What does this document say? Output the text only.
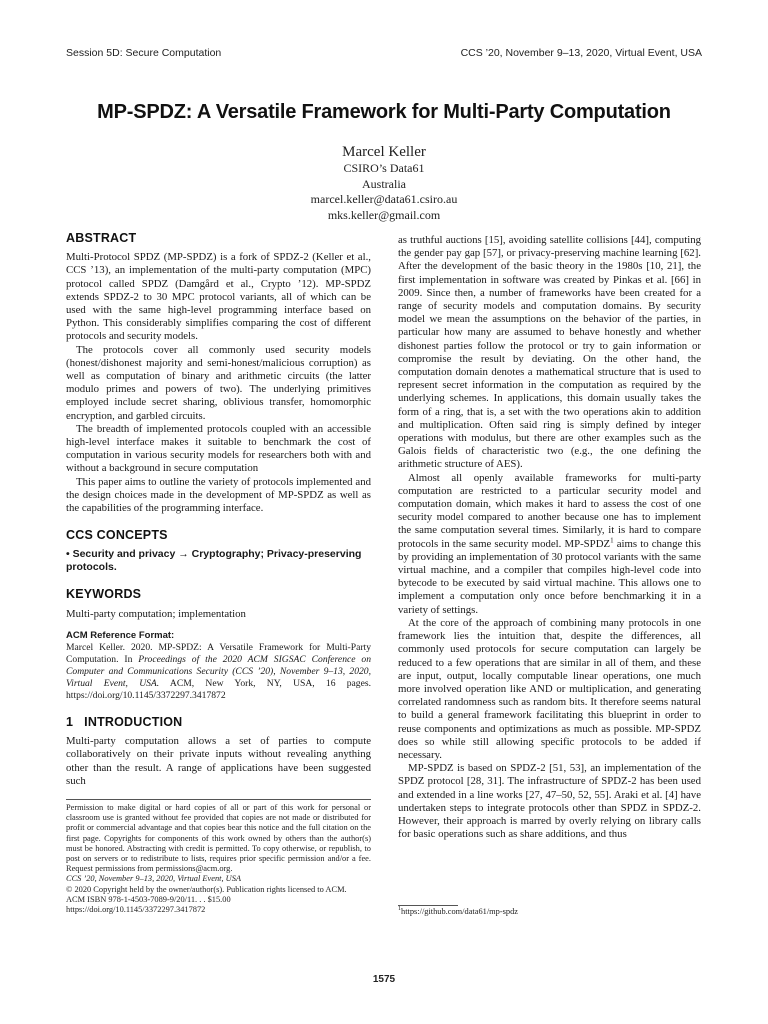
Session 5D: Secure Computation	CCS ’20, November 9–13, 2020, Virtual Event, USA
MP-SPDZ: A Versatile Framework for Multi-Party Computation
Marcel Keller
CSIRO’s Data61
Australia
marcel.keller@data61.csiro.au
mks.keller@gmail.com
ABSTRACT

Multi-Protocol SPDZ (MP-SPDZ) is a fork of SPDZ-2 (Keller et al., CCS ’13), an implementation of the multi-party computation (MPC) protocol called SPDZ (Damgård et al., Crypto ’12). MP-SPDZ extends SPDZ-2 to 30 MPC protocol variants, all of which can be used with the same high-level programming interface based on Python. This considerably simplifies comparing the cost of different protocols and security models.

The protocols cover all commonly used security models (honest/dishonest majority and semi-honest/malicious corruption) as well as computation of binary and arithmetic circuits (the latter modulo primes and powers of two). The underlying primitives employed include secret sharing, oblivious transfer, homomorphic encryption, and garbled circuits.

The breadth of implemented protocols coupled with an accessible high-level interface makes it suitable to benchmark the cost of computation in various security models for researchers both with and without a background in secure computation

This paper aims to outline the variety of protocols implemented and the design choices made in the development of MP-SPDZ as well as the capabilities of the programming interface.

CCS CONCEPTS
• Security and privacy → Cryptography; Privacy-preserving protocols.
KEYWORDS

Multi-party computation; implementation

ACM Reference Format:
Marcel Keller. 2020. MP-SPDZ: A Versatile Framework for Multi-Party Computation. In Proceedings of the 2020 ACM SIGSAC Conference on Computer and Communications Security (CCS ’20), November 9–13, 2020, Virtual Event, USA. ACM, New York, NY, USA, 16 pages. https://doi.org/10.1145/3372297.3417872
1   INTRODUCTION

Multi-party computation allows a set of parties to compute collaboratively on their private inputs without revealing anything other than the result. A range of applications have been suggested such

Permission to make digital or hard copies of all or part of this work for personal or classroom use is granted without fee provided that copies are not made or distributed for profit or commercial advantage and that copies bear this notice and the full citation on the first page. Copyrights for components of this work owned by others than the author(s) must be honored. Abstracting with credit is permitted. To copy otherwise, or republish, to post on servers or to redistribute to lists, requires prior specific permission and/or a fee. Request permissions from permissions@acm.org.

CCS ’20, November 9–13, 2020, Virtual Event, USA

© 2020 Copyright held by the owner/author(s). Publication rights licensed to ACM.

ACM ISBN 978-1-4503-7089-9/20/11. . . $15.00

https://doi.org/10.1145/3372297.3417872

as truthful auctions [15], avoiding satellite collisions [44], computing the gender pay gap [57], or privacy-preserving machine learning [62]. After the development of the basic theory in the 1980s [10, 21], the first implementation in software was created by Pinkas et al. [66] in 2009. Since then, a number of frameworks have been created for a range of security models and computation domains. By security model we mean the assumptions on the behavior of the parties, in particular how many are assumed to behave honestly and whether dishonest parties follow the protocol or try to gain information or compromise the result by deviating. On the other hand, the computation domain denotes a mathematical structure that is used to represent secret information in the computation as required by the underlying schemes. In applications, this domain usually takes the form of a ring, that is, a set with the two operations akin to addition and multiplication. Often said ring is simply defined by integer operations with modulus, but there are other examples such as the Galois fields of characteristic two (e.g., the one defining the arithmetic structure of AES).

Almost all openly available frameworks for multi-party computation are restricted to a particular security model and computation domain, which makes it hard to assess the cost of one security model compared to another because one has to implement the same computation several times. Similarly, it is hard to compare protocols in the same security model. MP-SPDZ$^1$ aims to change this by providing an implementation of 30 protocol variants with the same virtual machine, and a compiler that compiles high-level code into bytecode to be executed by said virtual machine. This allows one to implement a computation only once before benchmarking it in a variety of settings.

At the core of the approach of combining many protocols in one framework lies the intuition that, despite the differences, all commonly used protocols for secure computation can largely be reduced to a few operations that are similar in all of them, and these are input, output, locally computable linear operations, one much more involved operation like AND or multiplication, and generating correlated randomness such as random bits. It therefore seems natural to build a general framework facilitating this blueprint in order to reuse components and optimizations as much as possible. MP-SPDZ does so while still allowing specific protocols to be added if necessary.

MP-SPDZ is based on SPDZ-2 [51, 53], an implementation of the SPDZ protocol [28, 31]. The infrastructure of SPDZ-2 has been used and extended in a line works [27, 47–50, 52, 55]. Araki et al. [4] have undertaken steps to integrate protocols other than SPDZ in SPDZ-2. However, their approach is marred by overly relying on library calls for basic operations such as share additions, and thus

$^1$https://github.com/data61/mp-spdz
1575
